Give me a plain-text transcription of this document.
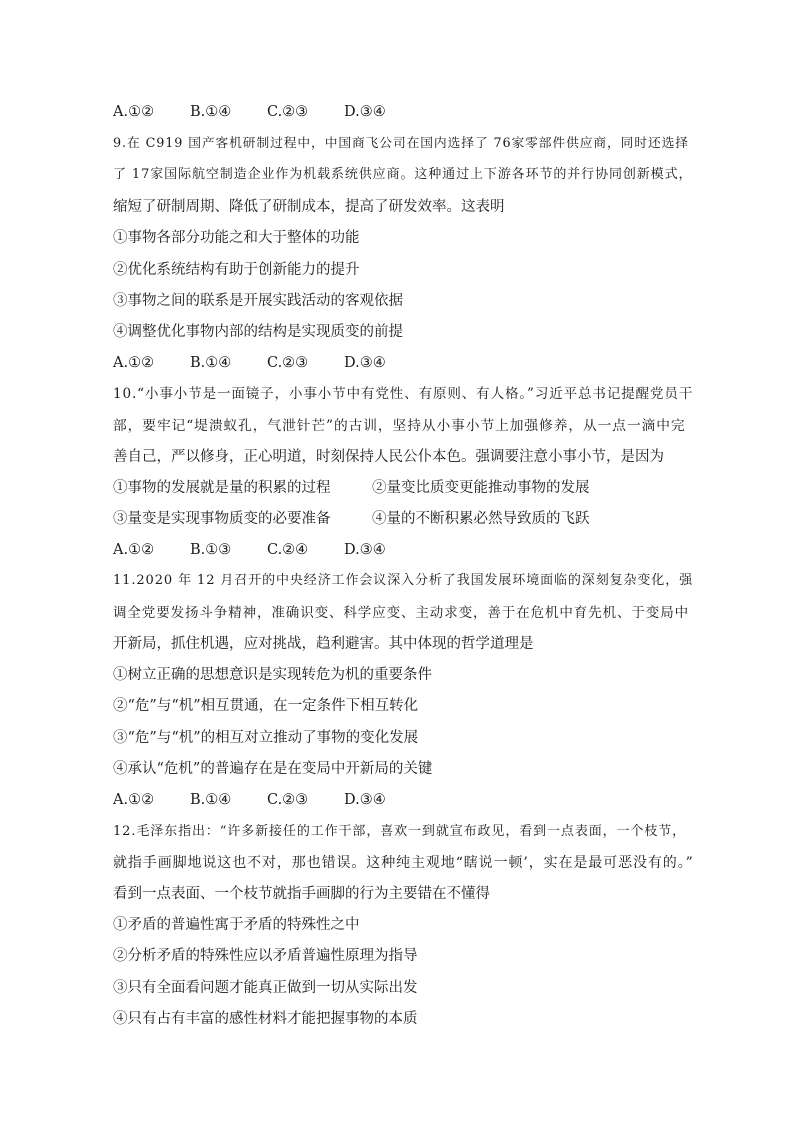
A.①② B.①④ C.②③ D.③④
9.在 C919 国产客机研制过程中，中国商飞公司在国内选择了 76家零部件供应商，同时还选择
了 17家国际航空制造企业作为机载系统供应商。这种通过上下游各环节的并行协同创新模式，
缩短了研制周期、降低了研制成本，提高了研发效率。这表明
①事物各部分功能之和大于整体的功能
②优化系统结构有助于创新能力的提升
③事物之间的联系是开展实践活动的客观依据
④调整优化事物内部的结构是实现质变的前提
A.①② B.①④ C.②③ D.③④
10.“小事小节是一面镜子，小事小节中有党性、有原则、有人格。”习近平总书记提醒党员干
部，要牢记“堤溃蚁孔，气泄针芒”的古训，坚持从小事小节上加强修养，从一点一滴中完
善自己，严以修身，正心明道，时刻保持人民公仆本色。强调要注意小事小节，是因为
①事物的发展就是量的积累的过程	②量变比质变更能推动事物的发展
③量变是实现事物质变的必要准备	④量的不断积累必然导致质的飞跃
A.①② B.①③ C.②④ D.③④
11.2020 年 12 月召开的中央经济工作会议深入分析了我国发展环境面临的深刻复杂变化，强
调全党要发扬斗争精神，准确识变、科学应变、主动求变，善于在危机中育先机、于变局中
开新局，抓住机遇，应对挑战，趋利避害。其中体现的哲学道理是
①树立正确的思想意识是实现转危为机的重要条件
②“危”与“机”相互贯通，在一定条件下相互转化
③“危”与“机”的相互对立推动了事物的变化发展
④承认“危机”的普遍存在是在变局中开新局的关键
A.①② B.①④ C.②③ D.③④
12.毛泽东指出：“许多新接任的工作干部，喜欢一到就宣布政见，看到一点表面，一个枝节，
就指手画脚地说这也不对，那也错误。这种纯主观地“瞎说一顿’，实在是最可恶没有的。”
看到一点表面、一个枝节就指手画脚的行为主要错在不懂得
①矛盾的普遍性寓于矛盾的特殊性之中
②分析矛盾的特殊性应以矛盾普遍性原理为指导
③只有全面看问题才能真正做到一切从实际出发
④只有占有丰富的感性材料才能把握事物的本质
